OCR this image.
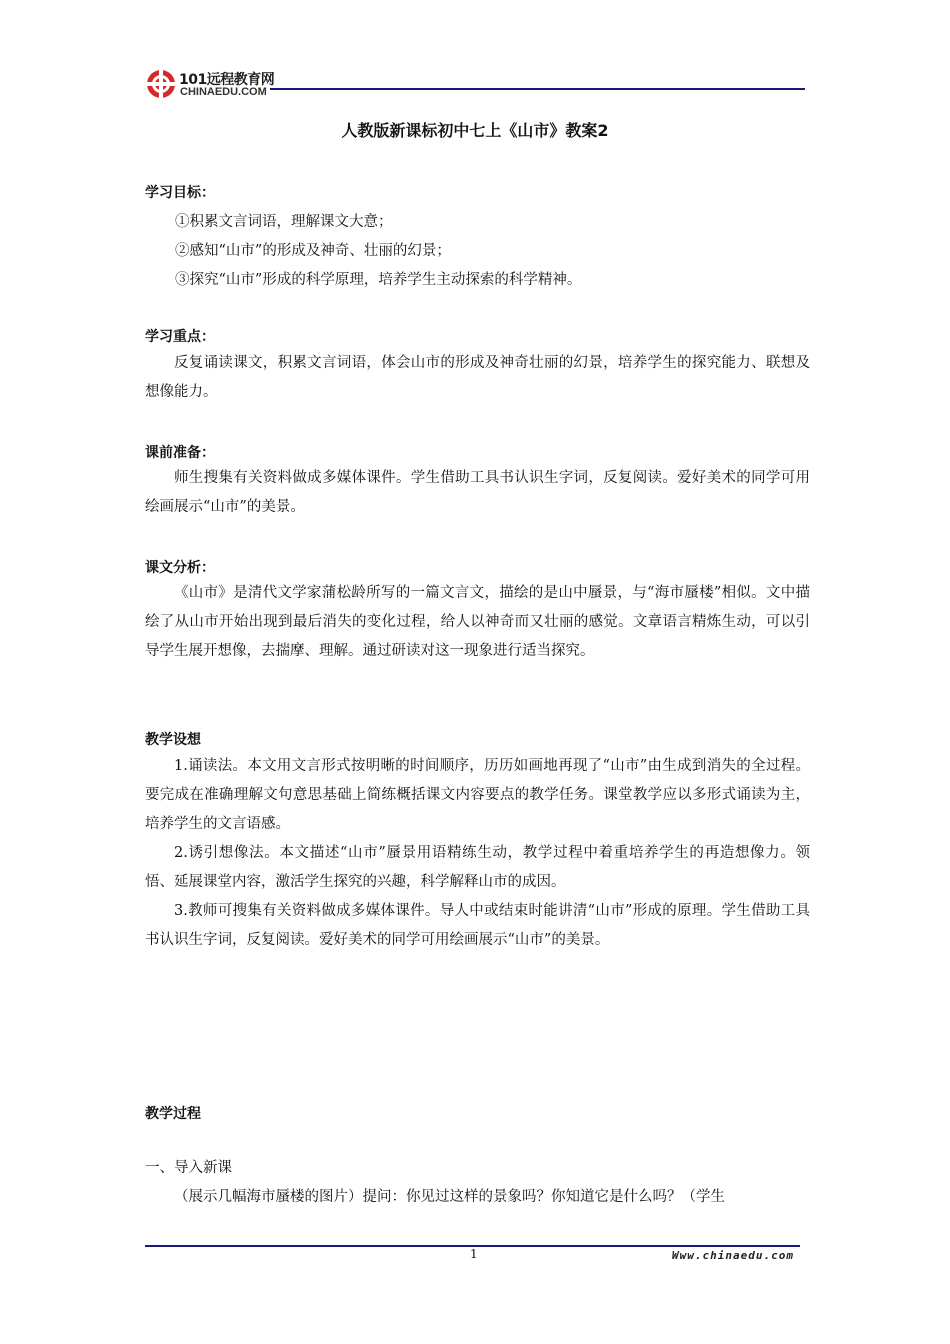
101远程教育网
CHINAEDU.COM
人教版新课标初中七上《山市》教案2
学习目标：
①积累文言词语，理解课文大意；
②感知“山市”的形成及神奇、壮丽的幻景；
③探究“山市”形成的科学原理，培养学生主动探索的科学精神。
学习重点：

反复诵读课文，积累文言词语，体会山市的形成及神奇壮丽的幻景，培养学生的探究能力、联想及想像能力。

课前准备：

师生搜集有关资料做成多媒体课件。学生借助工具书认识生字词，反复阅读。爱好美术的同学可用绘画展示“山市”的美景。

课文分析：

《山市》是清代文学家蒲松龄所写的一篇文言文，描绘的是山中蜃景，与“海市蜃楼”相似。文中描绘了从山市开始出现到最后消失的变化过程，给人以神奇而又壮丽的感觉。文章语言精炼生动，可以引导学生展开想像，去揣摩、理解。通过研读对这一现象进行适当探究。

教学设想

1.诵读法。本文用文言形式按明晰的时间顺序，历历如画地再现了“山市”由生成到消失的全过程。要完成在准确理解文句意思基础上简练概括课文内容要点的教学任务。课堂教学应以多形式诵读为主，培养学生的文言语感。

2.诱引想像法。本文描述“山市”蜃景用语精练生动，教学过程中着重培养学生的再造想像力。领悟、延展课堂内容，激活学生探究的兴趣，科学解释山市的成因。

3.教师可搜集有关资料做成多媒体课件。导人中或结束时能讲清“山市”形成的原理。学生借助工具书认识生字词，反复阅读。爱好美术的同学可用绘画展示“山市”的美景。

教学过程
一、导入新课

（展示几幅海市蜃楼的图片）提问：你见过这样的景象吗？你知道它是什么吗？（学生

1	Www.chinaedu.com
